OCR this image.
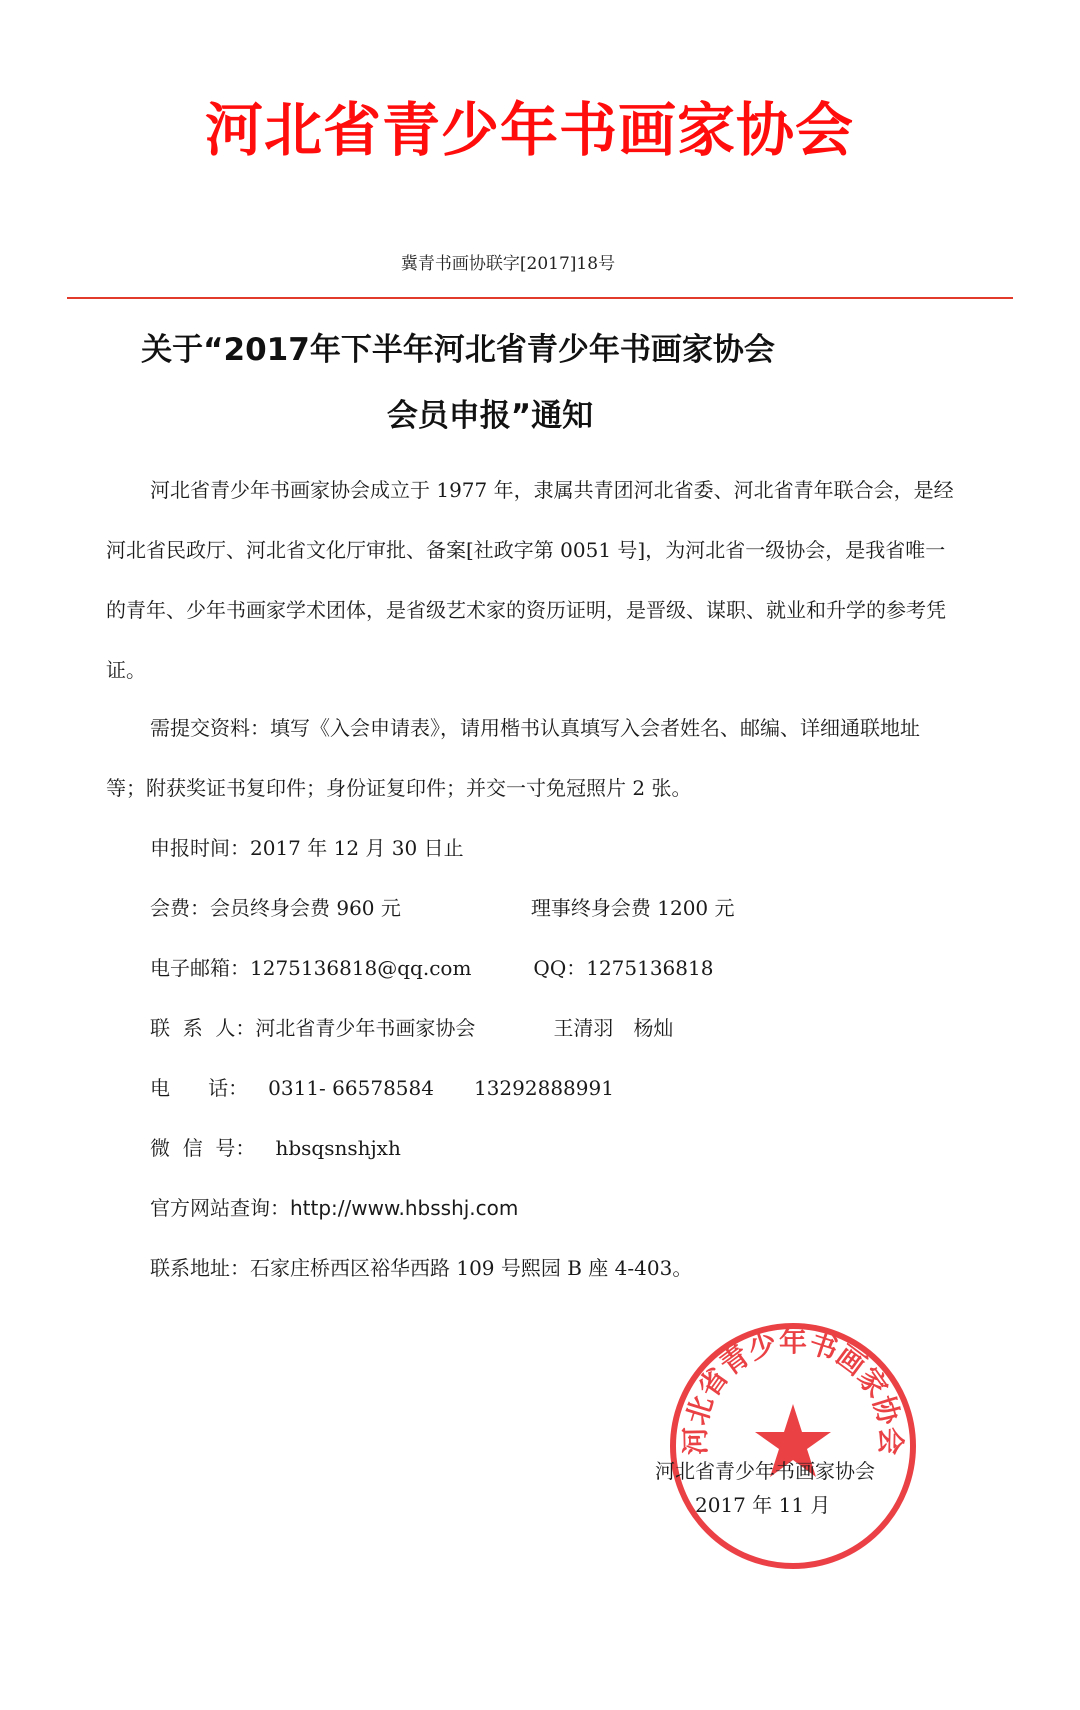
河北省青少年书画家协会
冀青书画协联字[2017]18号
关于“2017年下半年河北省青少年书画家协会
会员申报”通知

河北省青少年书画家协会成立于 1977 年，隶属共青团河北省委、河北省青年联合会，是经河北省民政厅、河北省文化厅审批、备案[社政字第 0051 号]，为河北省一级协会，是我省唯一的青年、少年书画家学术团体，是省级艺术家的资历证明，是晋级、谋职、就业和升学的参考凭证。

需提交资料：填写《入会申请表》，请用楷书认真填写入会者姓名、邮编、详细通联地址等；附获奖证书复印件；身份证复印件；并交一寸免冠照片 2 张。

申报时间：2017 年 12 月 30 日止
会费：会员终身会费 960 元	理事终身会费 1200 元
电子邮箱：1275136818@qq.com	QQ：1275136818
联  系  人：河北省青少年书画家协会	王清羽 杨灿
电      话： 0311- 66578584 13292888991
微  信  号： hbsqsnshjxh
官方网站查询：http://www.hbsshj.com
联系地址：石家庄桥西区裕华西路 109 号熙园 B 座 4-403。
河北省青少年书画家协会
河北省青少年书画家协会
2017 年 11 月
